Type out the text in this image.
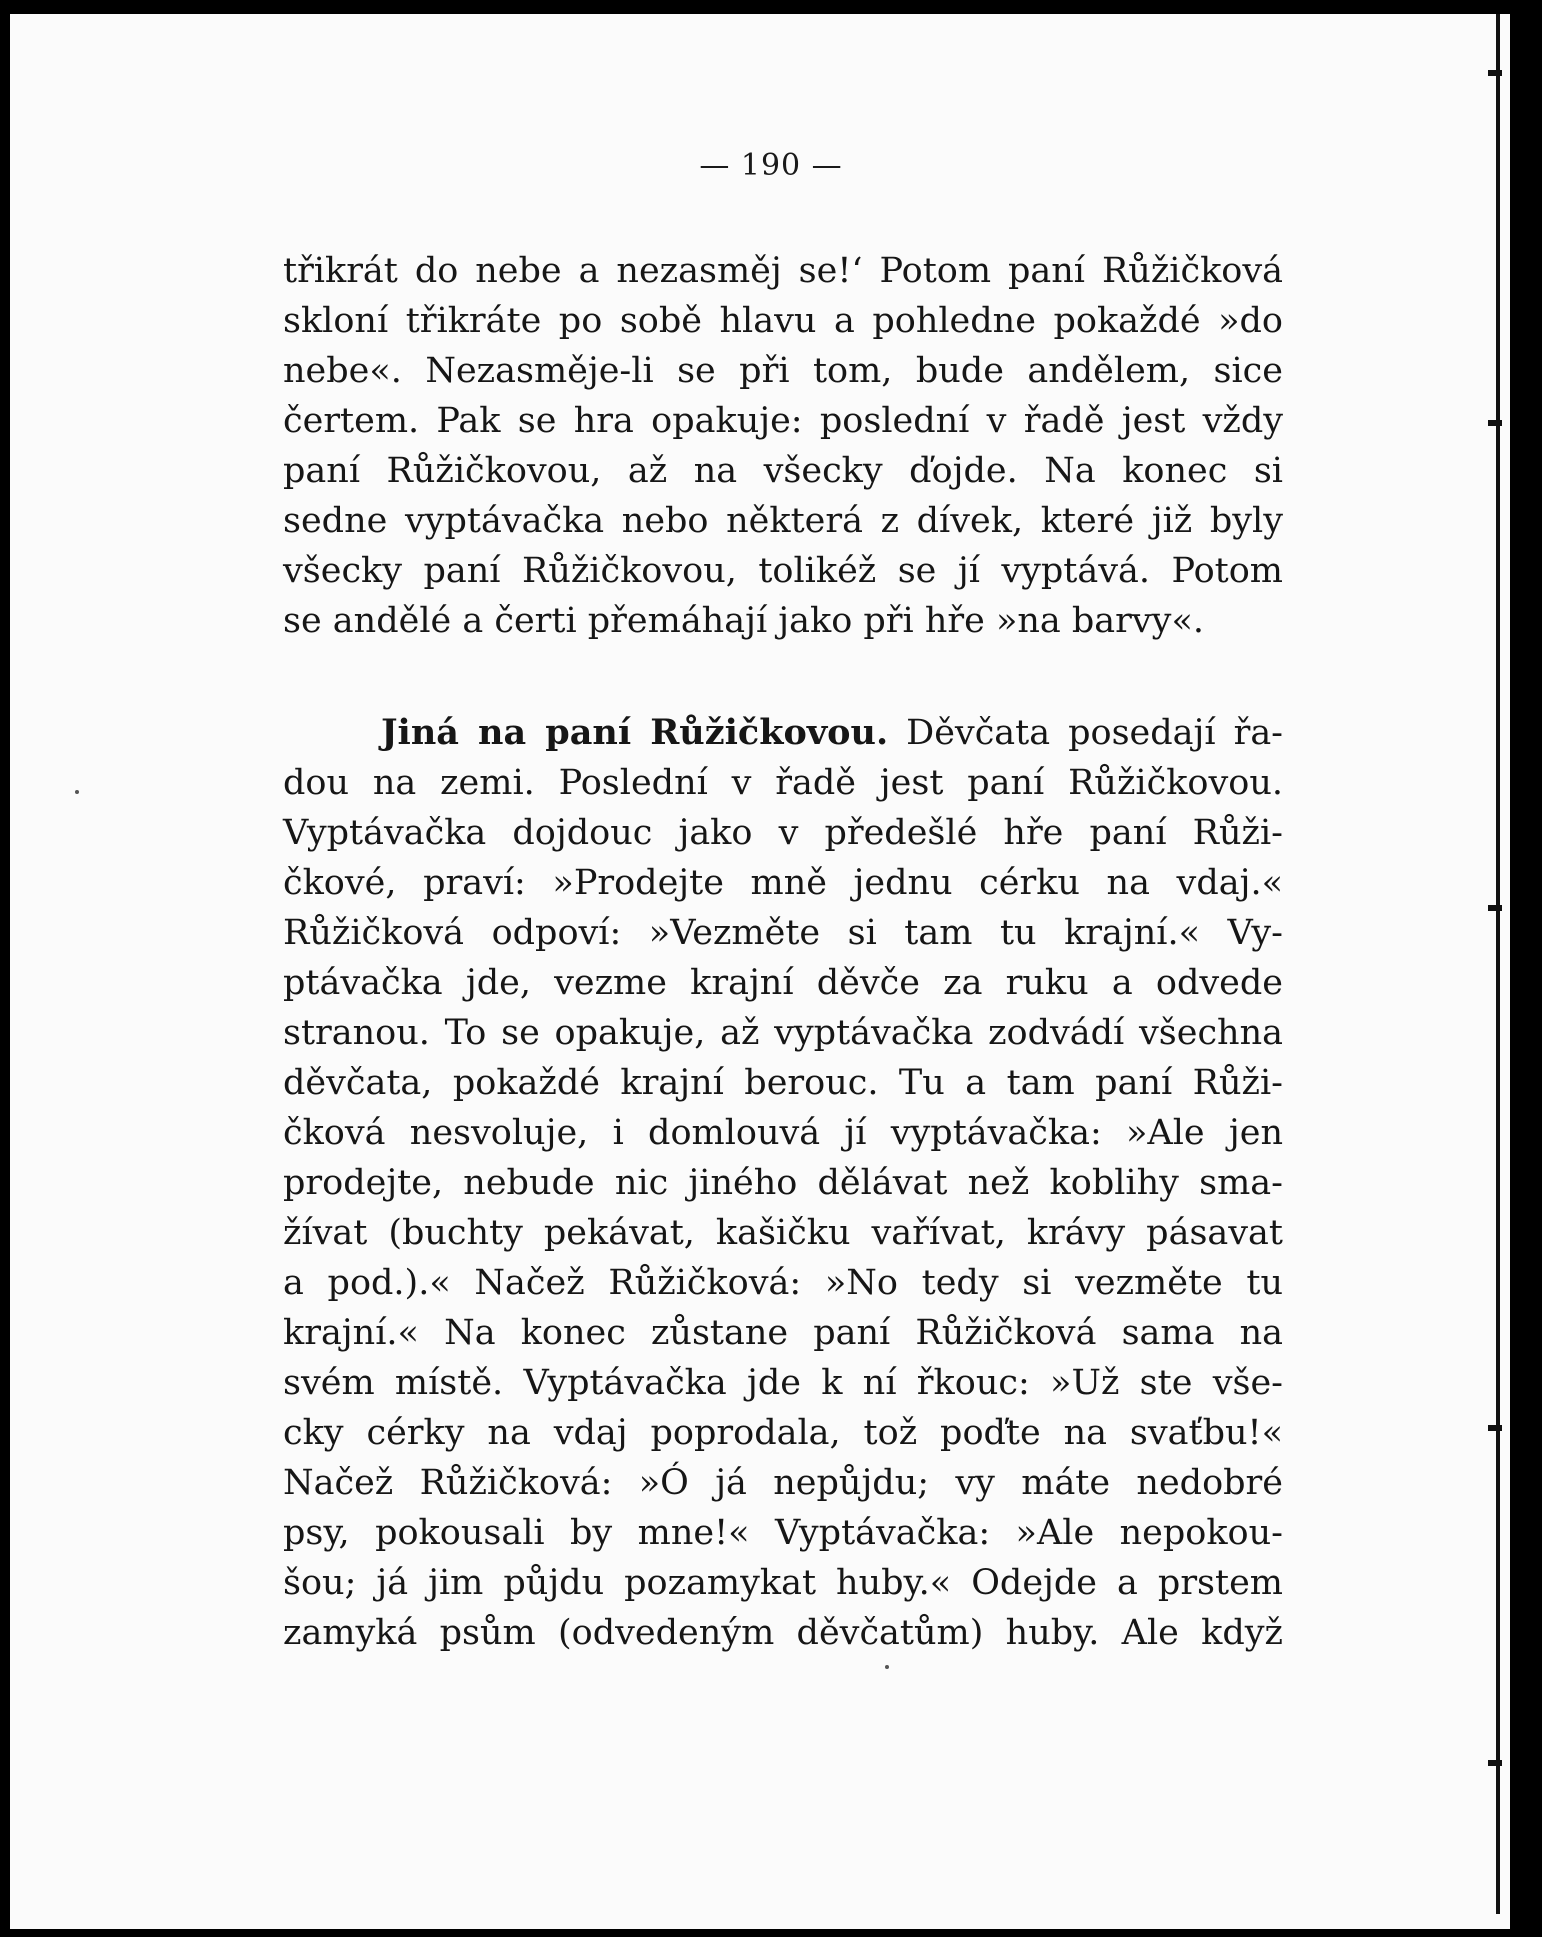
— 190 —
třikrát do nebe a nezasměj se!‘ Potom paní Růžičková
skloní třikráte po sobě hlavu a pohledne pokaždé »do
nebe«. Nezasměje-li se při tom, bude andělem, sice
čertem. Pak se hra opakuje: poslední v řadě jest vždy
paní Růžičkovou, až na všecky ďojde. Na konec si
sedne vyptávačka nebo některá z dívek, které již byly
všecky paní Růžičkovou, tolikéž se jí vyptává. Potom
se andělé a čerti přemáhají jako při hře »na barvy«.
Jiná na paní Růžičkovou. Děvčata posedají řa-
dou na zemi. Poslední v řadě jest paní Růžičkovou.
Vyptávačka dojdouc jako v předešlé hře paní Růži-
čkové, praví: »Prodejte mně jednu cérku na vdaj.«
Růžičková odpoví: »Vezměte si tam tu krajní.« Vy-
ptávačka jde, vezme krajní děvče za ruku a odvede
stranou. To se opakuje, až vyptávačka zodvádí všechna
děvčata, pokaždé krajní berouc. Tu a tam paní Růži-
čková nesvoluje, i domlouvá jí vyptávačka: »Ale jen
prodejte, nebude nic jiného dělávat než koblihy sma-
žívat (buchty pekávat, kašičku vařívat, krávy pásavat
a pod.).« Načež Růžičková: »No tedy si vezměte tu
krajní.« Na konec zůstane paní Růžičková sama na
svém místě. Vyptávačka jde k ní řkouc: »Už ste vše-
cky cérky na vdaj poprodala, tož poďte na svaťbu!«
Načež Růžičková: »Ó já nepůjdu; vy máte nedobré
psy, pokousali by mne!« Vyptávačka: »Ale nepokou-
šou; já jim půjdu pozamykat huby.« Odejde a prstem
zamyká psům (odvedeným děvčatům) huby. Ale když
